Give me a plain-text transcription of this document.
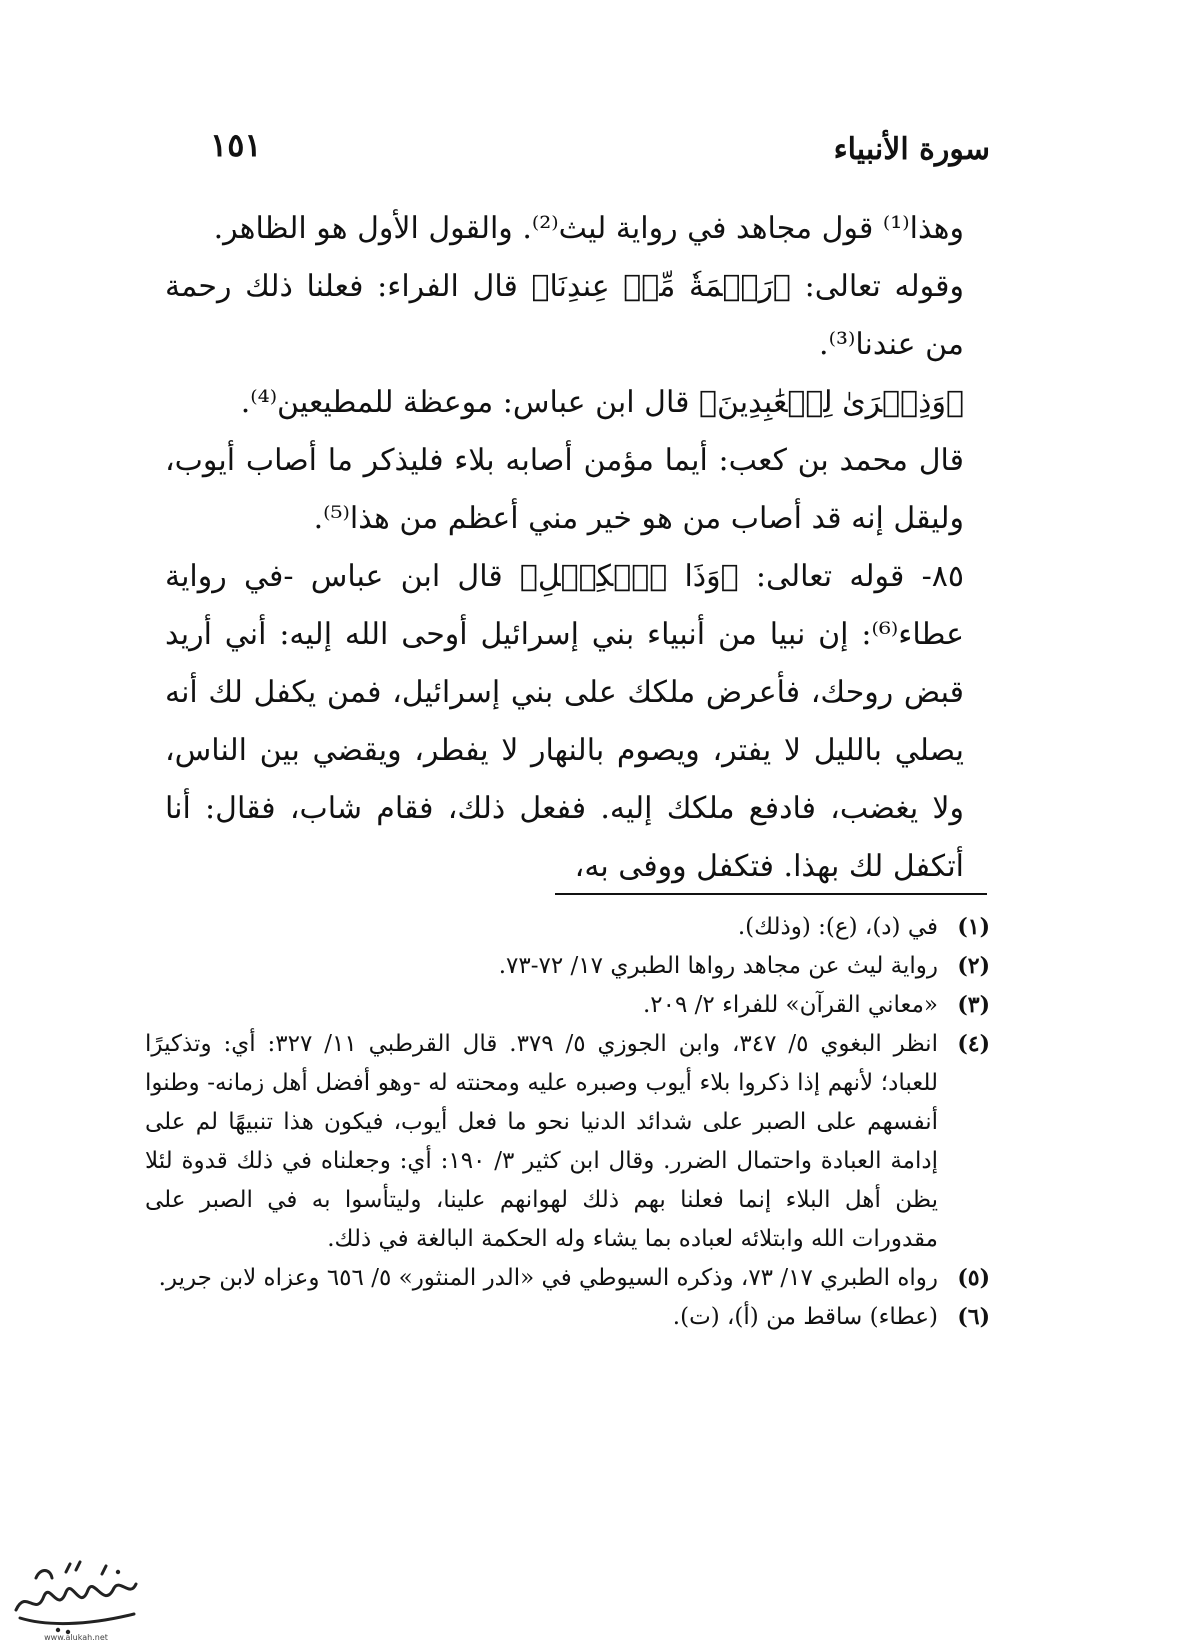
سورة الأنبياء
١٥١

وهذا⁽¹⁾ قول مجاهد في رواية ليث⁽²⁾. والقول الأول هو الظاهر.

وقوله تعالى: ﴿رَحۡمَةٗ مِّنۡ عِندِنَا﴾ قال الفراء: فعلنا ذلك رحمة من عندنا⁽³⁾.

﴿وَذِكۡرَىٰ لِلۡعَٰبِدِينَ﴾ قال ابن عباس: موعظة للمطيعين⁽⁴⁾.

قال محمد بن كعب: أيما مؤمن أصابه بلاء فليذكر ما أصاب أيوب، وليقل إنه قد أصاب من هو خير مني أعظم من هذا⁽⁵⁾.

٨٥- قوله تعالى: ﴿وَذَا ٱلۡكِفۡلِ﴾ قال ابن عباس -في رواية عطاء⁽⁶⁾: إن نبيا من أنبياء بني إسرائيل أوحى الله إليه: أني أريد قبض روحك، فأعرض ملكك على بني إسرائيل، فمن يكفل لك أنه يصلي بالليل لا يفتر، ويصوم بالنهار لا يفطر، ويقضي بين الناس، ولا يغضب، فادفع ملكك إليه. ففعل ذلك، فقام شاب، فقال: أنا أتكفل لك بهذا. فتكفل ووفى به،

(١)
في (د)، (ع): (وذلك).
(٢)
رواية ليث عن مجاهد رواها الطبري ١٧/ ٧٢-٧٣.
(٣)
«معاني القرآن» للفراء ٢/ ٢٠٩.
(٤)
انظر البغوي ٥/ ٣٤٧، وابن الجوزي ٥/ ٣٧٩. قال القرطبي ١١/ ٣٢٧: أي: وتذكيرًا للعباد؛ لأنهم إذا ذكروا بلاء أيوب وصبره عليه ومحنته له -وهو أفضل أهل زمانه- وطنوا أنفسهم على الصبر على شدائد الدنيا نحو ما فعل أيوب، فيكون هذا تنبيهًا لم على إدامة العبادة واحتمال الضرر. وقال ابن كثير ٣/ ١٩٠: أي: وجعلناه في ذلك قدوة لئلا يظن أهل البلاء إنما فعلنا بهم ذلك لهوانهم علينا، وليتأسوا به في الصبر على مقدورات الله وابتلائه لعباده بما يشاء وله الحكمة البالغة في ذلك.
(٥)
رواه الطبري ١٧/ ٧٣، وذكره السيوطي في «الدر المنثور» ٥/ ٦٥٦ وعزاه لابن جرير.
(٦)
(عطاء) ساقط من (أ)، (ت).
www.alukah.net
